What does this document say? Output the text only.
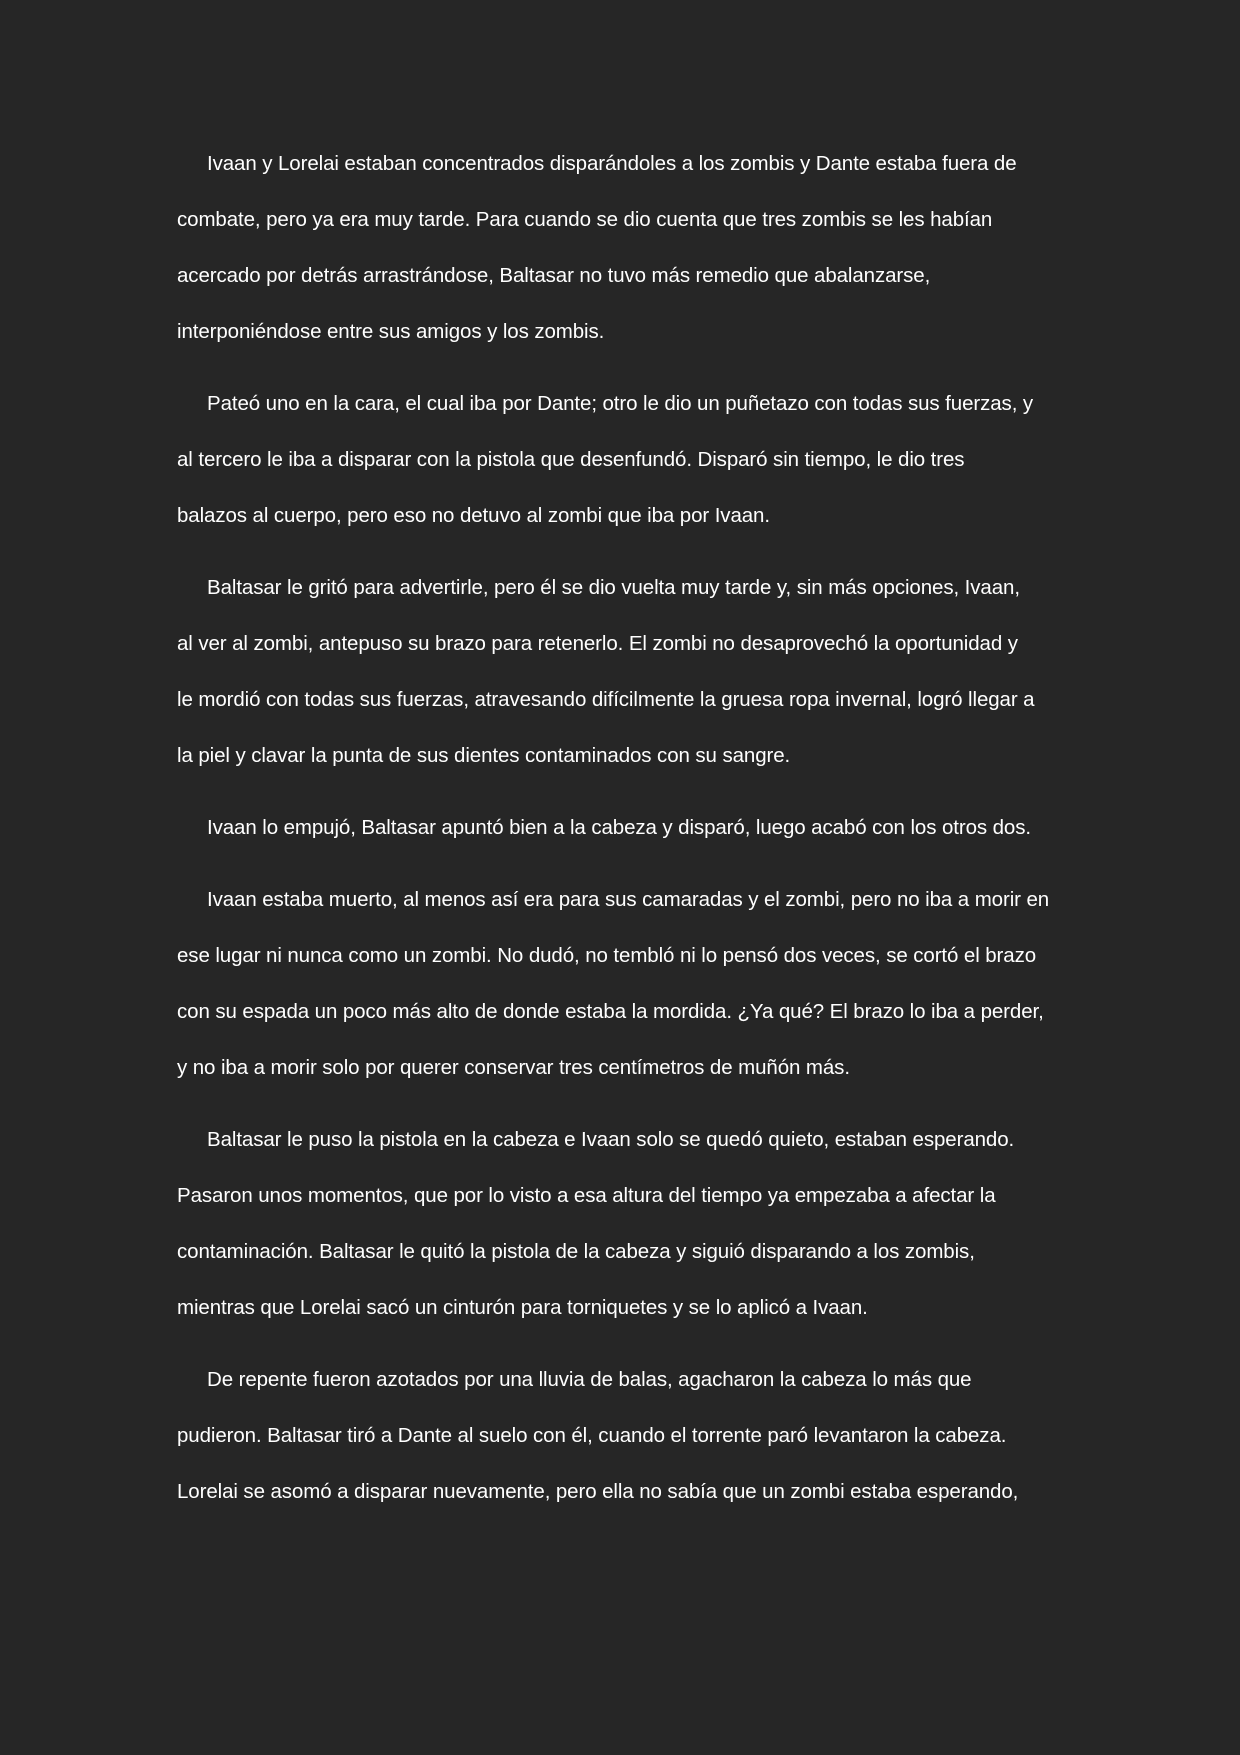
Ivaan y Lorelai estaban concentrados disparándoles a los zombis y Dante estaba fuera de
combate, pero ya era muy tarde. Para cuando se dio cuenta que tres zombis se les habían
acercado por detrás arrastrándose, Baltasar no tuvo más remedio que abalanzarse,
interponiéndose entre sus amigos y los zombis.

Pateó uno en la cara, el cual iba por Dante; otro le dio un puñetazo con todas sus fuerzas, y
al tercero le iba a disparar con la pistola que desenfundó. Disparó sin tiempo, le dio tres
balazos al cuerpo, pero eso no detuvo al zombi que iba por Ivaan.

Baltasar le gritó para advertirle, pero él se dio vuelta muy tarde y, sin más opciones, Ivaan,
al ver al zombi, antepuso su brazo para retenerlo. El zombi no desaprovechó la oportunidad y
le mordió con todas sus fuerzas, atravesando difícilmente la gruesa ropa invernal, logró llegar a
la piel y clavar la punta de sus dientes contaminados con su sangre.

Ivaan lo empujó, Baltasar apuntó bien a la cabeza y disparó, luego acabó con los otros dos.

Ivaan estaba muerto, al menos así era para sus camaradas y el zombi, pero no iba a morir en
ese lugar ni nunca como un zombi. No dudó, no tembló ni lo pensó dos veces, se cortó el brazo
con su espada un poco más alto de donde estaba la mordida. ¿Ya qué? El brazo lo iba a perder,
y no iba a morir solo por querer conservar tres centímetros de muñón más.

Baltasar le puso la pistola en la cabeza e Ivaan solo se quedó quieto, estaban esperando.
Pasaron unos momentos, que por lo visto a esa altura del tiempo ya empezaba a afectar la
contaminación. Baltasar le quitó la pistola de la cabeza y siguió disparando a los zombis,
mientras que Lorelai sacó un cinturón para torniquetes y se lo aplicó a Ivaan.

De repente fueron azotados por una lluvia de balas, agacharon la cabeza lo más que
pudieron. Baltasar tiró a Dante al suelo con él, cuando el torrente paró levantaron la cabeza.
Lorelai se asomó a disparar nuevamente, pero ella no sabía que un zombi estaba esperando,
